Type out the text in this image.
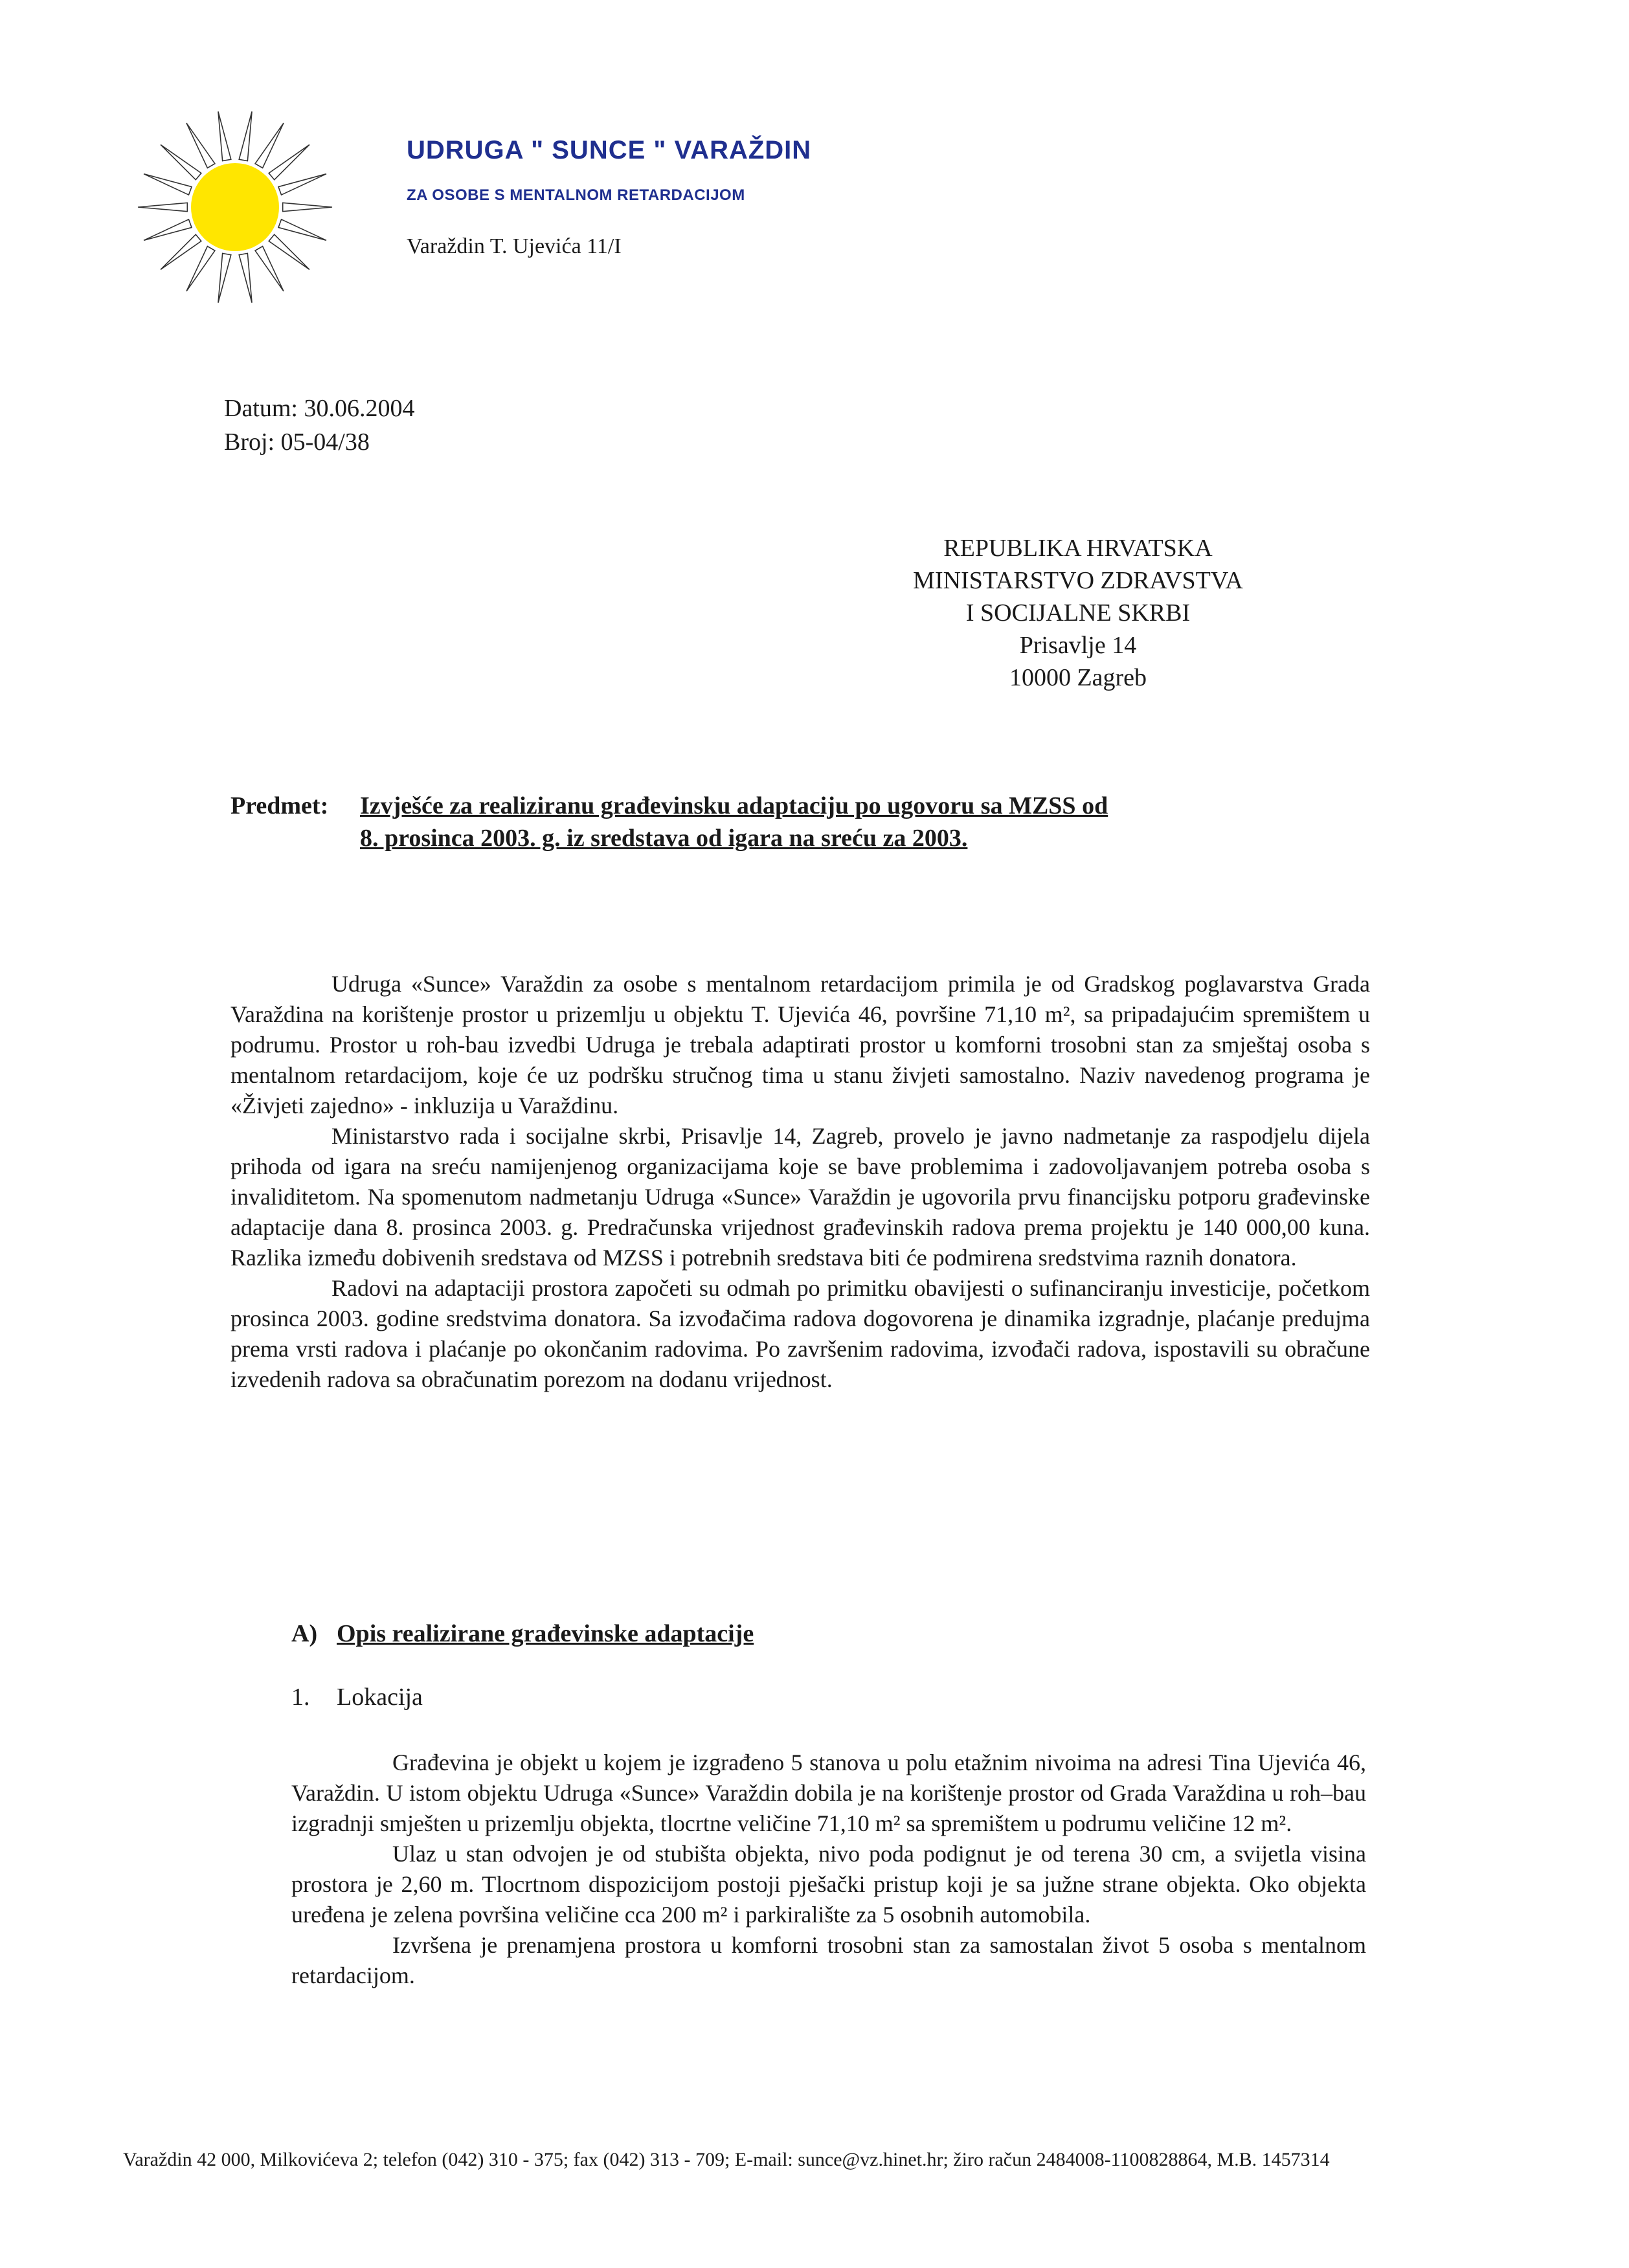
UDRUGA " SUNCE " VARAŽDIN
ZA OSOBE S MENTALNOM RETARDACIJOM
Varaždin T. Ujevića 11/I
Datum: 30.06.2004
Broj: 05-04/38
REPUBLIKA HRVATSKA
MINISTARSTVO ZDRAVSTVA
I SOCIJALNE SKRBI
Prisavlje 14
10000 Zagreb
Predmet: Izvješće za realiziranu građevinsku adaptaciju po ugovoru sa MZSS od
8. prosinca 2003. g. iz sredstava od igara na sreću za 2003.

Udruga «Sunce» Varaždin za osobe s mentalnom retardacijom primila je od Gradskog poglavarstva Grada Varaždina na korištenje prostor u prizemlju u objektu T. Ujevića 46, površine 71,10 m², sa pripadajućim spremištem u podrumu. Prostor u roh-bau izvedbi Udruga je trebala adaptirati prostor u komforni trosobni stan za smještaj osoba s mentalnom retardacijom, koje će uz podršku stručnog tima u stanu živjeti samostalno. Naziv navedenog programa je «Živjeti zajedno» - inkluzija u Varaždinu.

Ministarstvo rada i socijalne skrbi, Prisavlje 14, Zagreb, provelo je javno nadmetanje za raspodjelu dijela prihoda od igara na sreću namijenjenog organizacijama koje se bave problemima i zadovoljavanjem potreba osoba s invaliditetom. Na spomenutom nadmetanju Udruga «Sunce» Varaždin je ugovorila prvu financijsku potporu građevinske adaptacije dana 8. prosinca 2003. g. Predračunska vrijednost građevinskih radova prema projektu je 140 000,00 kuna. Razlika između dobivenih sredstava od MZSS i potrebnih sredstava biti će podmirena sredstvima raznih donatora.

Radovi na adaptaciji prostora započeti su odmah po primitku obavijesti o sufinanciranju investicije, početkom prosinca 2003. godine sredstvima donatora. Sa izvođačima radova dogovorena je dinamika izgradnje, plaćanje predujma prema vrsti radova i plaćanje po okončanim radovima. Po završenim radovima, izvođači radova, ispostavili su obračune izvedenih radova sa obračunatim porezom na dodanu vrijednost.

A) Opis realizirane građevinske adaptacije
1. Lokacija

Građevina je objekt u kojem je izgrađeno 5 stanova u polu etažnim nivoima na adresi Tina Ujevića 46, Varaždin. U istom objektu Udruga «Sunce» Varaždin dobila je na korištenje prostor od Grada Varaždina u roh–bau izgradnji smješten u prizemlju objekta, tlocrtne veličine 71,10 m² sa spremištem u podrumu veličine 12 m².

Ulaz u stan odvojen je od stubišta objekta, nivo poda podignut je od terena 30 cm, a svijetla visina prostora je 2,60 m. Tlocrtnom dispozicijom postoji pješački pristup koji je sa južne strane objekta. Oko objekta uređena je zelena površina veličine cca 200 m² i parkiralište za 5 osobnih automobila.

Izvršena je prenamjena prostora u komforni trosobni stan za samostalan život 5 osoba s mentalnom retardacijom.

Varaždin 42 000, Milkovićeva 2; telefon (042) 310 - 375; fax (042) 313 - 709; E-mail: sunce@vz.hinet.hr; žiro račun 2484008-1100828864, M.B. 1457314
